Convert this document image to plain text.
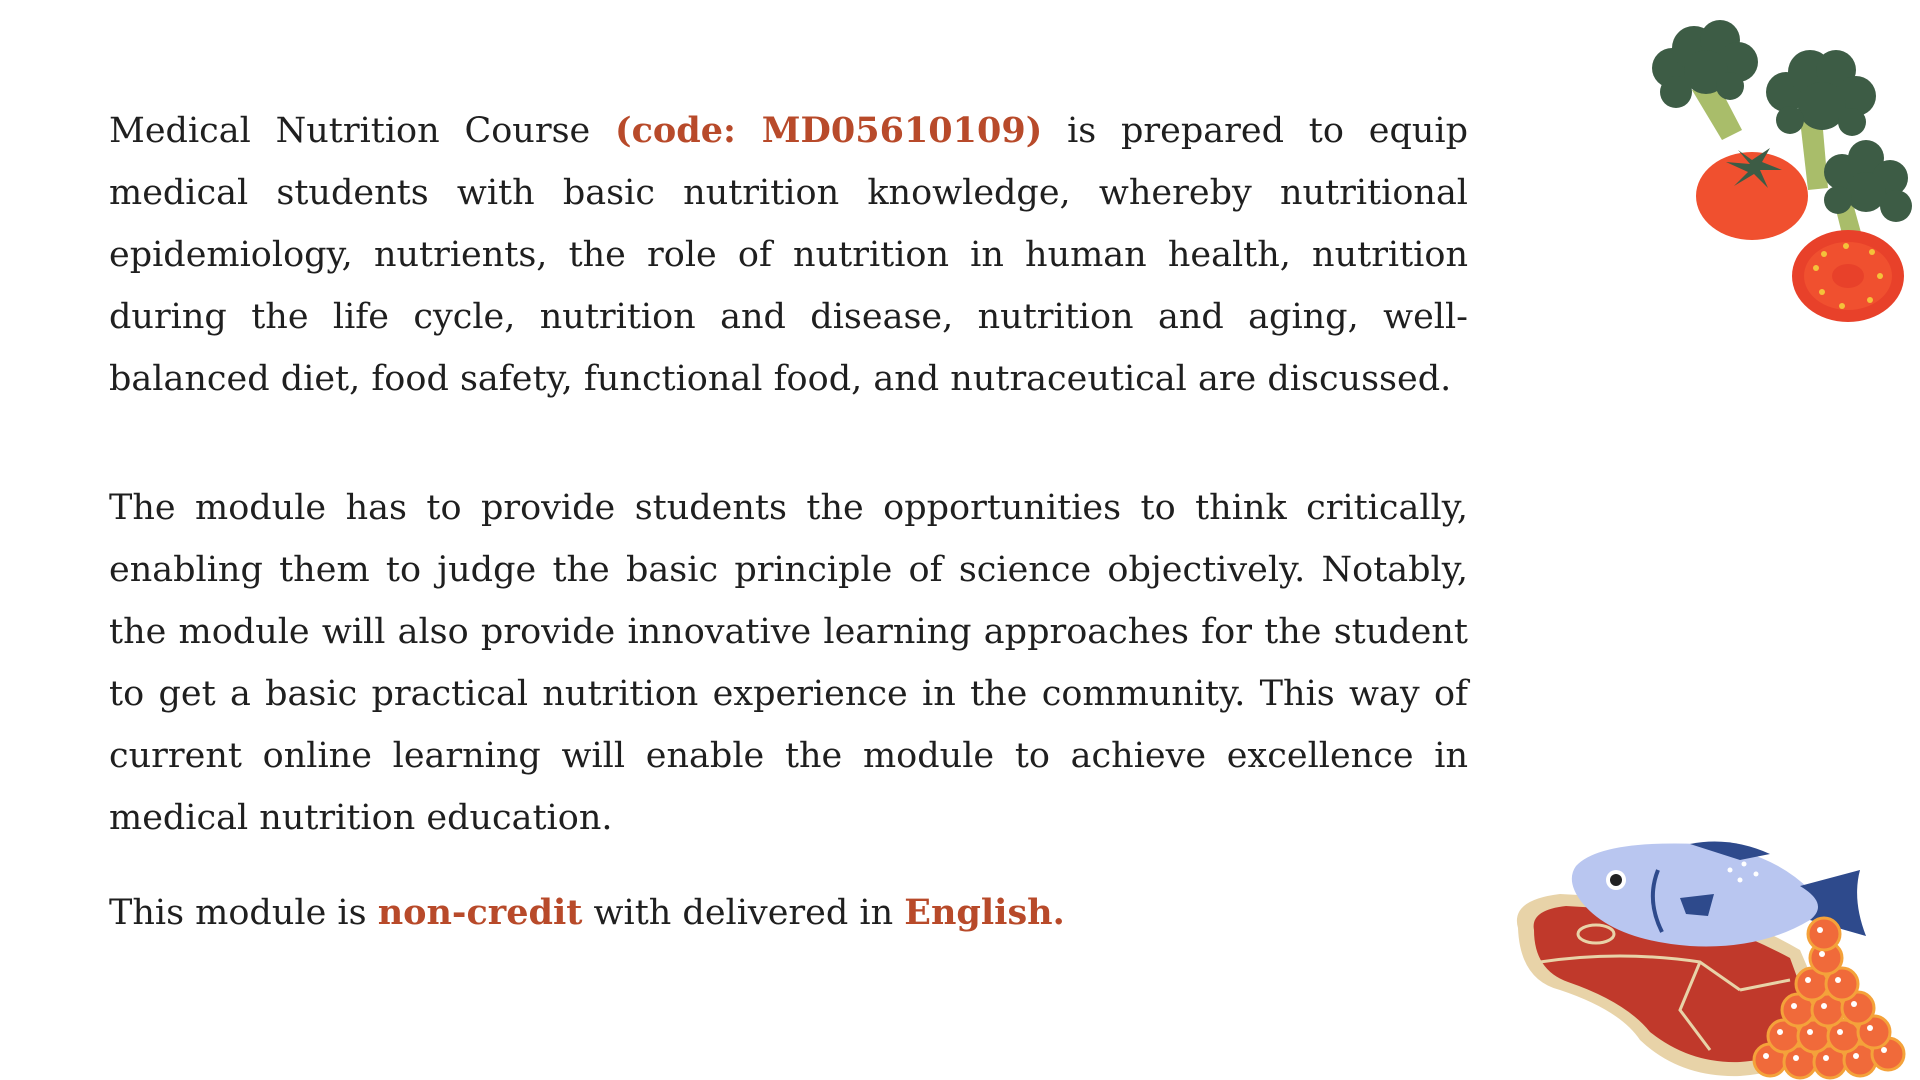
Medical Nutrition Course (code: MD05610109) is prepared to equip medical students with basic nutrition knowledge, whereby nutritional epidemiology, nutrients, the role of nutrition in human health, nutrition during the life cycle, nutrition and disease, nutrition and aging, well-balanced diet, food safety, functional food, and nutraceutical are discussed.

The module has to provide students the opportunities to think critically, enabling them to judge the basic principle of science objectively. Notably, the module will also provide innovative learning approaches for the student to get a basic practical nutrition experience in the community. This way of current online learning will enable the module to achieve excellence in medical nutrition education.

This module is non-credit with delivered in English.
